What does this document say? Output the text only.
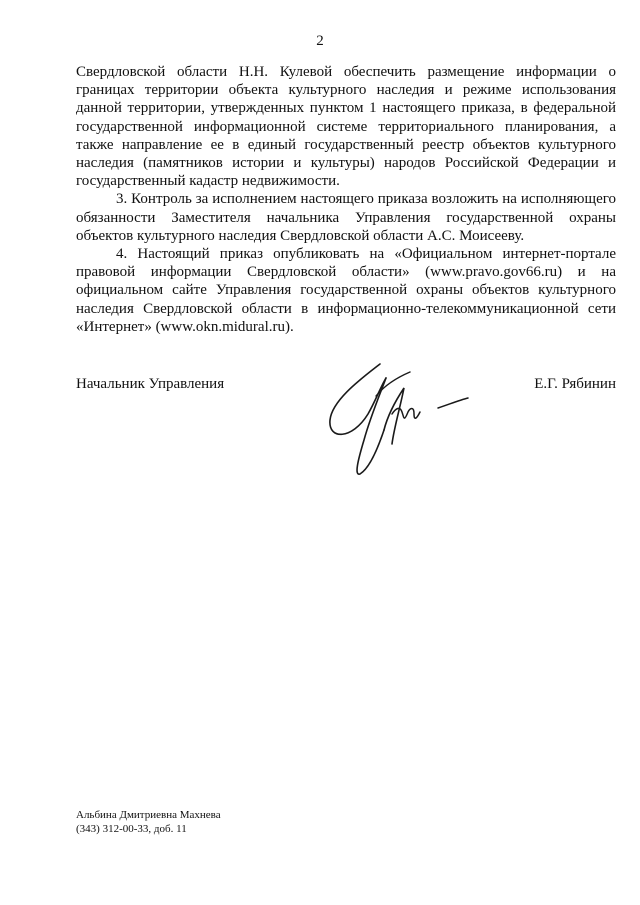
2

Свердловской области Н.Н. Кулевой обеспечить размещение информации о границах территории объекта культурного наследия и режиме использования данной территории, утвержденных пунктом 1 настоящего приказа, в федеральной государственной информационной системе территориального планирования, а также направление ее в единый государственный реестр объектов культурного наследия (памятников истории и культуры) народов Российской Федерации и государственный кадастр недвижимости.

3. Контроль за исполнением настоящего приказа возложить на исполняющего обязанности Заместителя начальника Управления государственной охраны объектов культурного наследия Свердловской области А.С. Моисееву.

4. Настоящий приказ опубликовать на «Официальном интернет-портале правовой информации Свердловской области» (www.pravo.gov66.ru) и на официальном сайте Управления государственной охраны объектов культурного наследия Свердловской области в информационно-телекоммуникационной сети «Интернет» (www.okn.midural.ru).

Начальник Управления	Е.Г. Рябинин
Альбина Дмитриевна Махнева
(343) 312-00-33, доб. 11
